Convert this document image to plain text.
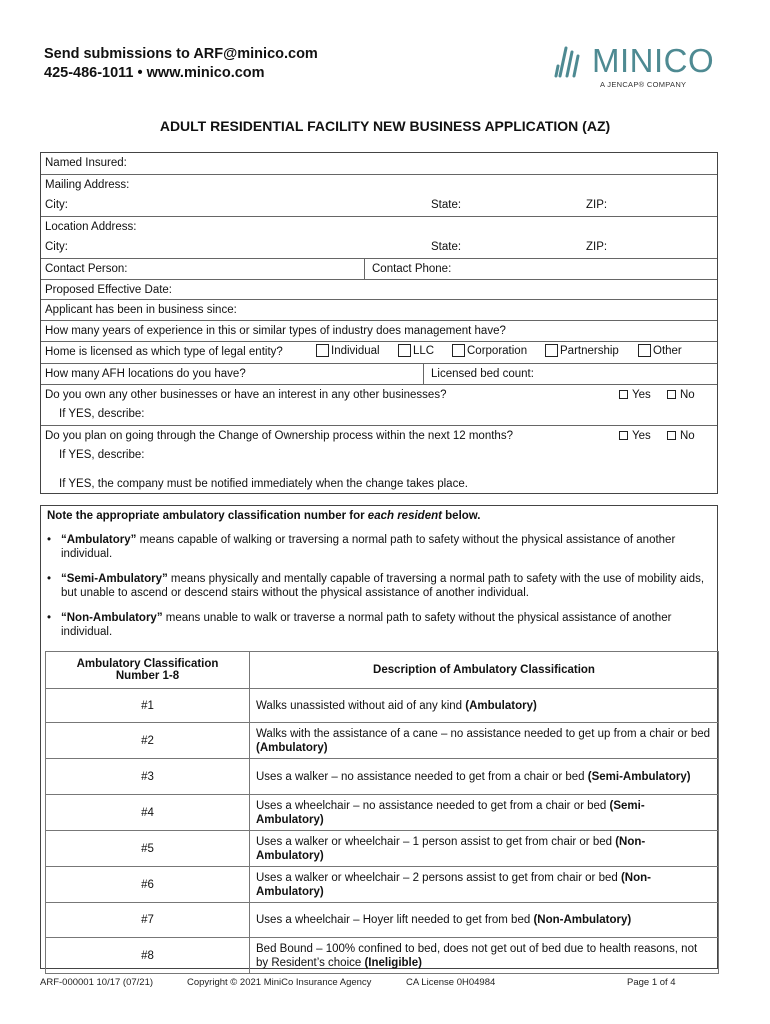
Send submissions to ARF@minico.com
425-486-1011 • www.minico.com	MINICO
A JENCAP® COMPANY
ADULT RESIDENTIAL FACILITY NEW BUSINESS APPLICATION (AZ)
Named Insured:
Mailing Address:
City:	State:	ZIP:
Location Address:
City:	State:	ZIP:
Contact Person:	Contact Phone:
Proposed Effective Date:
Applicant has been in business since:
How many years of experience in this or similar types of industry does management have?
Home is licensed as which type of legal entity?	Individual	LLC	Corporation	Partnership	Other
How many AFH locations do you have?	Licensed bed count:
Do you own any other businesses or have an interest in any other businesses?	Yes	No
If YES, describe:
Do you plan on going through the Change of Ownership process within the next 12 months?	Yes	No
If YES, describe:
If YES, the company must be notified immediately when the change takes place.
Note the appropriate ambulatory classification number for each resident below.
• “Ambulatory” means capable of walking or traversing a normal path to safety without the physical assistance of another individual.
• “Semi-Ambulatory” means physically and mentally capable of traversing a normal path to safety with the use of mobility aids, but unable to ascend or descend stairs without the physical assistance of another individual.
• “Non-Ambulatory” means unable to walk or traverse a normal path to safety without the physical assistance of another individual.
Ambulatory Classification
Number 1-8	Description of Ambulatory Classification
#1	Walks unassisted without aid of any kind (Ambulatory)
#2	Walks with the assistance of a cane – no assistance needed to get up from a chair or bed (Ambulatory)
#3	Uses a walker – no assistance needed to get from a chair or bed (Semi-Ambulatory)
#4	Uses a wheelchair – no assistance needed to get from a chair or bed (Semi-Ambulatory)
#5	Uses a walker or wheelchair – 1 person assist to get from chair or bed (Non-Ambulatory)
#6	Uses a walker or wheelchair – 2 persons assist to get from chair or bed (Non-Ambulatory)
#7	Uses a wheelchair – Hoyer lift needed to get from bed (Non-Ambulatory)
#8	Bed Bound – 100% confined to bed, does not get out of bed due to health reasons, not by Resident’s choice (Ineligible)
ARF-000001 10/17 (07/21)	Copyright © 2021 MiniCo Insurance Agency	CA License 0H04984	Page 1 of 4
